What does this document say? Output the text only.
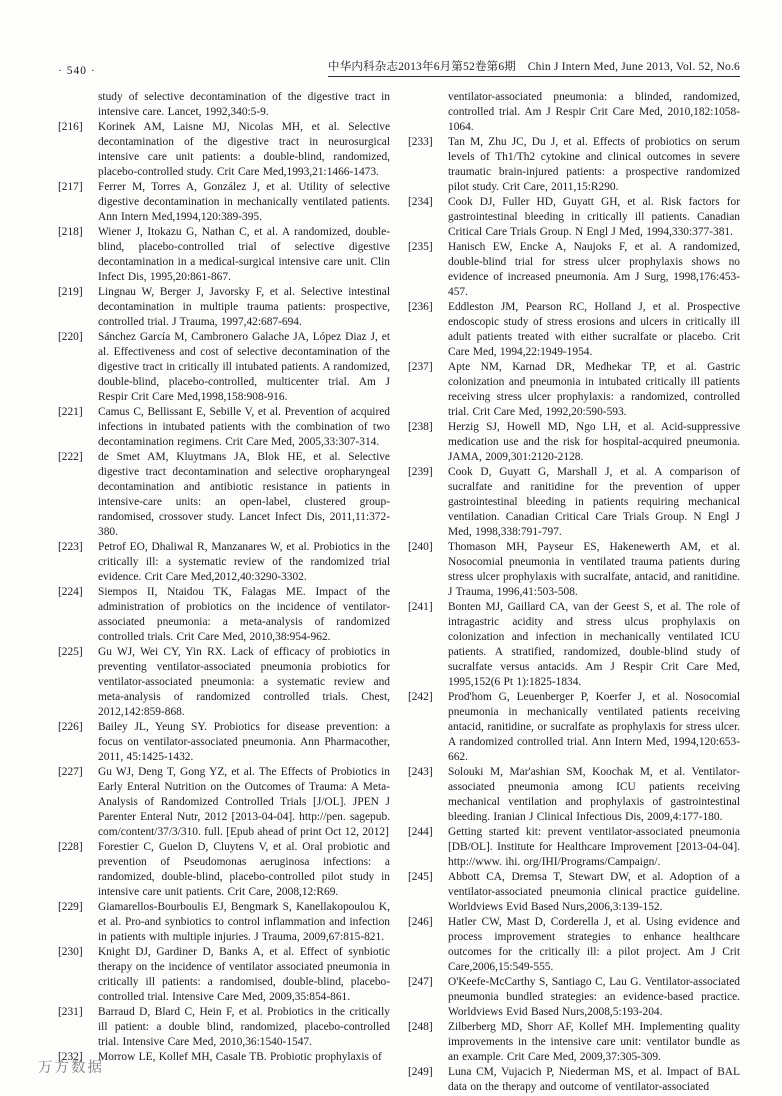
· 540 ·	中华内科杂志2013年6月第52卷第6期　Chin J Intern Med, June 2013, Vol. 52, No.6
study of selective decontamination of the digestive tract in intensive care. Lancet, 1992,340:5-9.
[216]	Korinek AM, Laisne MJ, Nicolas MH, et al. Selective decontamination of the digestive tract in neurosurgical intensive care unit patients: a double-blind, randomized, placebo-controlled study. Crit Care Med,1993,21:1466-1473.
[217]	Ferrer M, Torres A, González J, et al. Utility of selective digestive decontamination in mechanically ventilated patients. Ann Intern Med,1994,120:389-395.
[218]	Wiener J, Itokazu G, Nathan C, et al. A randomized, double-blind, placebo-controlled trial of selective digestive decontamination in a medical-surgical intensive care unit. Clin Infect Dis, 1995,20:861-867.
[219]	Lingnau W, Berger J, Javorsky F, et al. Selective intestinal decontamination in multiple trauma patients: prospective, controlled trial. J Trauma, 1997,42:687-694.
[220]	Sánchez García M, Cambronero Galache JA, López Diaz J, et al. Effectiveness and cost of selective decontamination of the digestive tract in critically ill intubated patients. A randomized, double-blind, placebo-controlled, multicenter trial. Am J Respir Crit Care Med,1998,158:908-916.
[221]	Camus C, Bellissant E, Sebille V, et al. Prevention of acquired infections in intubated patients with the combination of two decontamination regimens. Crit Care Med, 2005,33:307-314.
[222]	de Smet AM, Kluytmans JA, Blok HE, et al. Selective digestive tract decontamination and selective oropharyngeal decontamination and antibiotic resistance in patients in intensive-care units: an open-label, clustered group-randomised, crossover study. Lancet Infect Dis, 2011,11:372-380.
[223]	Petrof EO, Dhaliwal R, Manzanares W, et al. Probiotics in the critically ill: a systematic review of the randomized trial evidence. Crit Care Med,2012,40:3290-3302.
[224]	Siempos II, Ntaidou TK, Falagas ME. Impact of the administration of probiotics on the incidence of ventilator-associated pneumonia: a meta-analysis of randomized controlled trials. Crit Care Med, 2010,38:954-962.
[225]	Gu WJ, Wei CY, Yin RX. Lack of efficacy of probiotics in preventing ventilator-associated pneumonia probiotics for ventilator-associated pneumonia: a systematic review and meta-analysis of randomized controlled trials. Chest, 2012,142:859-868.
[226]	Bailey JL, Yeung SY. Probiotics for disease prevention: a focus on ventilator-associated pneumonia. Ann Pharmacother, 2011, 45:1425-1432.
[227]	Gu WJ, Deng T, Gong YZ, et al. The Effects of Probiotics in Early Enteral Nutrition on the Outcomes of Trauma: A Meta-Analysis of Randomized Controlled Trials [J/OL]. JPEN J Parenter Enteral Nutr, 2012 [2013-04-04]. http://pen. sagepub. com/content/37/3/310. full. [Epub ahead of print Oct 12, 2012]
[228]	Forestier C, Guelon D, Cluytens V, et al. Oral probiotic and prevention of Pseudomonas aeruginosa infections: a randomized, double-blind, placebo-controlled pilot study in intensive care unit patients. Crit Care, 2008,12:R69.
[229]	Giamarellos-Bourboulis EJ, Bengmark S, Kanellakopoulou K, et al. Pro-and synbiotics to control inflammation and infection in patients with multiple injuries. J Trauma, 2009,67:815-821.
[230]	Knight DJ, Gardiner D, Banks A, et al. Effect of synbiotic therapy on the incidence of ventilator associated pneumonia in critically ill patients: a randomised, double-blind, placebo-controlled trial. Intensive Care Med, 2009,35:854-861.
[231]	Barraud D, Blard C, Hein F, et al. Probiotics in the critically ill patient: a double blind, randomized, placebo-controlled trial. Intensive Care Med, 2010,36:1540-1547.
[232]	Morrow LE, Kollef MH, Casale TB. Probiotic prophylaxis of
ventilator-associated pneumonia: a blinded, randomized, controlled trial. Am J Respir Crit Care Med, 2010,182:1058-1064.
[233]	Tan M, Zhu JC, Du J, et al. Effects of probiotics on serum levels of Th1/Th2 cytokine and clinical outcomes in severe traumatic brain-injured patients: a prospective randomized pilot study. Crit Care, 2011,15:R290.
[234]	Cook DJ, Fuller HD, Guyatt GH, et al. Risk factors for gastrointestinal bleeding in critically ill patients. Canadian Critical Care Trials Group. N Engl J Med, 1994,330:377-381.
[235]	Hanisch EW, Encke A, Naujoks F, et al. A randomized, double-blind trial for stress ulcer prophylaxis shows no evidence of increased pneumonia. Am J Surg, 1998,176:453-457.
[236]	Eddleston JM, Pearson RC, Holland J, et al. Prospective endoscopic study of stress erosions and ulcers in critically ill adult patients treated with either sucralfate or placebo. Crit Care Med, 1994,22:1949-1954.
[237]	Apte NM, Karnad DR, Medhekar TP, et al. Gastric colonization and pneumonia in intubated critically ill patients receiving stress ulcer prophylaxis: a randomized, controlled trial. Crit Care Med, 1992,20:590-593.
[238]	Herzig SJ, Howell MD, Ngo LH, et al. Acid-suppressive medication use and the risk for hospital-acquired pneumonia. JAMA, 2009,301:2120-2128.
[239]	Cook D, Guyatt G, Marshall J, et al. A comparison of sucralfate and ranitidine for the prevention of upper gastrointestinal bleeding in patients requiring mechanical ventilation. Canadian Critical Care Trials Group. N Engl J Med, 1998,338:791-797.
[240]	Thomason MH, Payseur ES, Hakenewerth AM, et al. Nosocomial pneumonia in ventilated trauma patients during stress ulcer prophylaxis with sucralfate, antacid, and ranitidine. J Trauma, 1996,41:503-508.
[241]	Bonten MJ, Gaillard CA, van der Geest S, et al. The role of intragastric acidity and stress ulcus prophylaxis on colonization and infection in mechanically ventilated ICU patients. A stratified, randomized, double-blind study of sucralfate versus antacids. Am J Respir Crit Care Med, 1995,152(6 Pt 1):1825-1834.
[242]	Prod'hom G, Leuenberger P, Koerfer J, et al. Nosocomial pneumonia in mechanically ventilated patients receiving antacid, ranitidine, or sucralfate as prophylaxis for stress ulcer. A randomized controlled trial. Ann Intern Med, 1994,120:653-662.
[243]	Solouki M, Mar'ashian SM, Koochak M, et al. Ventilator-associated pneumonia among ICU patients receiving mechanical ventilation and prophylaxis of gastrointestinal bleeding. Iranian J Clinical Infectious Dis, 2009,4:177-180.
[244]	Getting started kit: prevent ventilator-associated pneumonia [DB/OL]. Institute for Healthcare Improvement [2013-04-04]. http://www. ihi. org/IHI/Programs/Campaign/.
[245]	Abbott CA, Dremsa T, Stewart DW, et al. Adoption of a ventilator-associated pneumonia clinical practice guideline. Worldviews Evid Based Nurs,2006,3:139-152.
[246]	Hatler CW, Mast D, Corderella J, et al. Using evidence and process improvement strategies to enhance healthcare outcomes for the critically ill: a pilot project. Am J Crit Care,2006,15:549-555.
[247]	O'Keefe-McCarthy S, Santiago C, Lau G. Ventilator-associated pneumonia bundled strategies: an evidence-based practice. Worldviews Evid Based Nurs,2008,5:193-204.
[248]	Zilberberg MD, Shorr AF, Kollef MH. Implementing quality improvements in the intensive care unit: ventilator bundle as an example. Crit Care Med, 2009,37:305-309.
[249]	Luna CM, Vujacich P, Niederman MS, et al. Impact of BAL data on the therapy and outcome of ventilator-associated
万方数据
